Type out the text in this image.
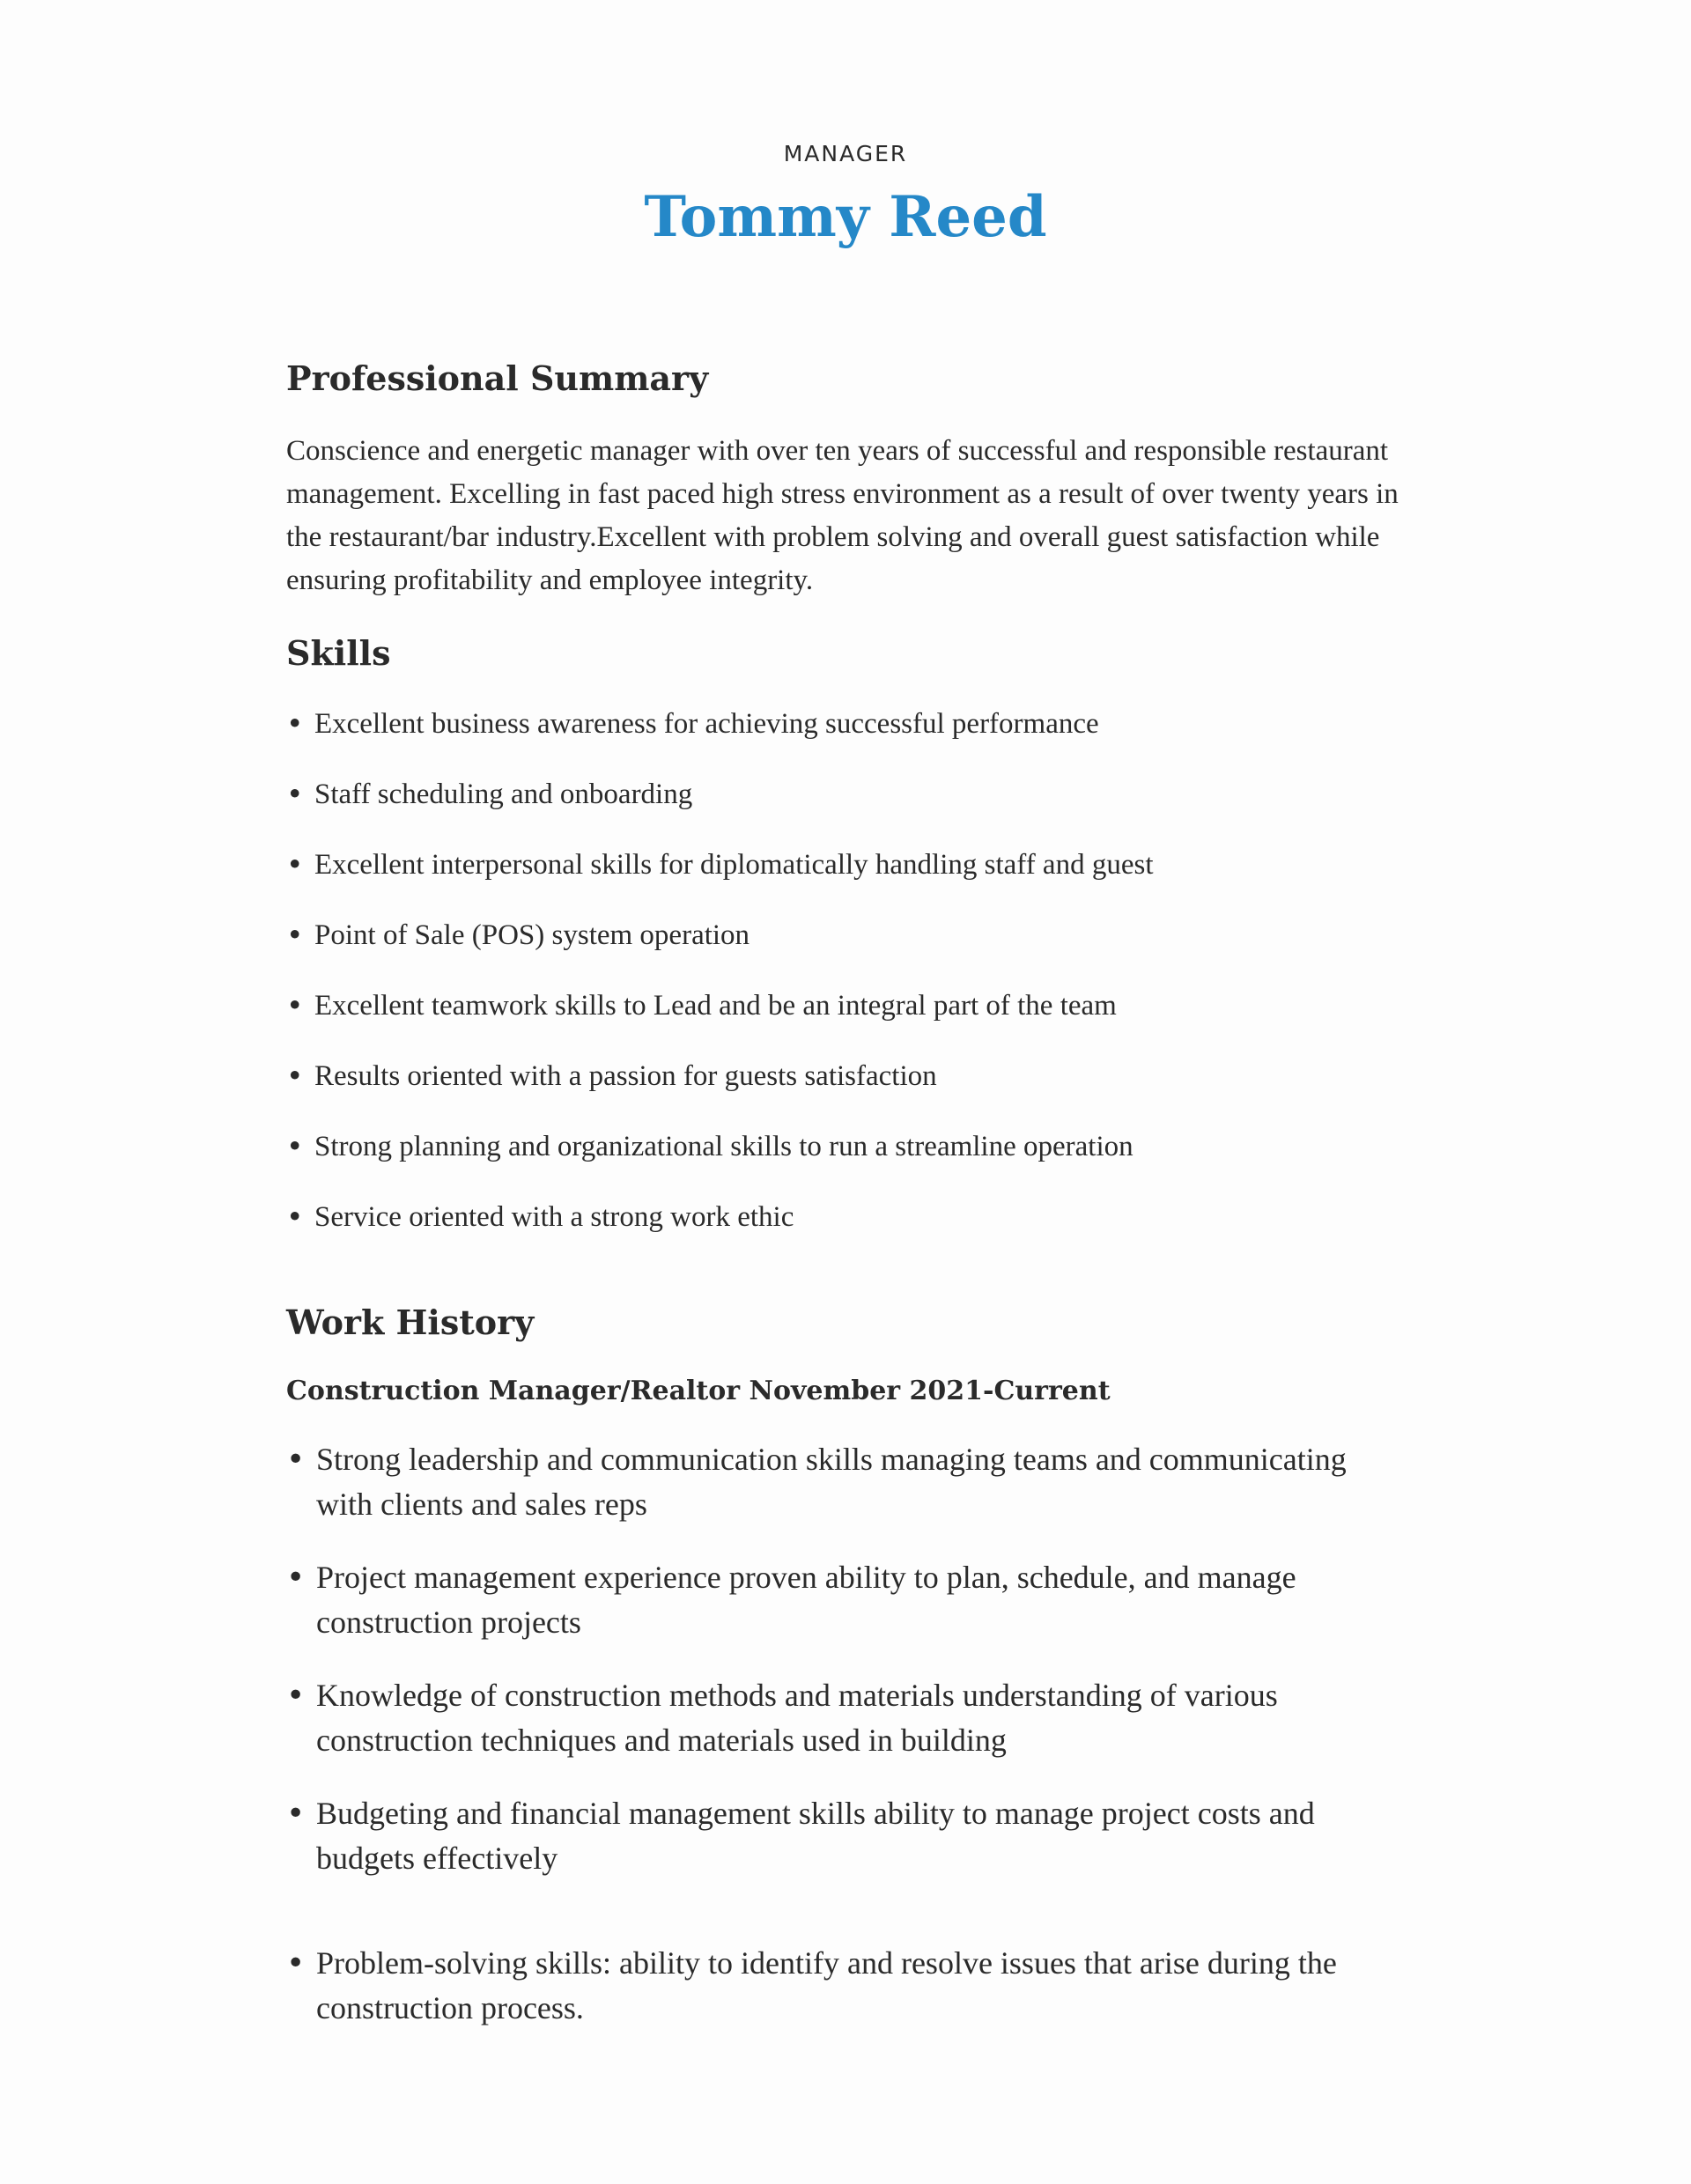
MANAGER
Tommy Reed
Professional Summary

Conscience and energetic manager with over ten years of successful and responsible restaurant management. Excelling in fast paced high stress environment as a result of over twenty years in the restaurant/bar industry.Excellent with problem solving and overall guest satisfaction while ensuring profitability and employee integrity.

Skills
• Excellent business awareness for achieving successful performance
• Staff scheduling and onboarding
• Excellent interpersonal skills for diplomatically handling staff and guest
• Point of Sale (POS) system operation
• Excellent teamwork skills to Lead and be an integral part of the team
• Results oriented with a passion for guests satisfaction
• Strong planning and organizational skills to run a streamline operation
• Service oriented with a strong work ethic
Work History
Construction Manager/Realtor November 2021-Current
• Strong leadership and communication skills managing teams and communicating with clients and sales reps
• Project management experience proven ability to plan, schedule, and manage construction projects
• Knowledge of construction methods and materials understanding of various construction techniques and materials used in building
• Budgeting and financial management skills ability to manage project costs and budgets effectively
• Problem-solving skills: ability to identify and resolve issues that arise during the construction process.
